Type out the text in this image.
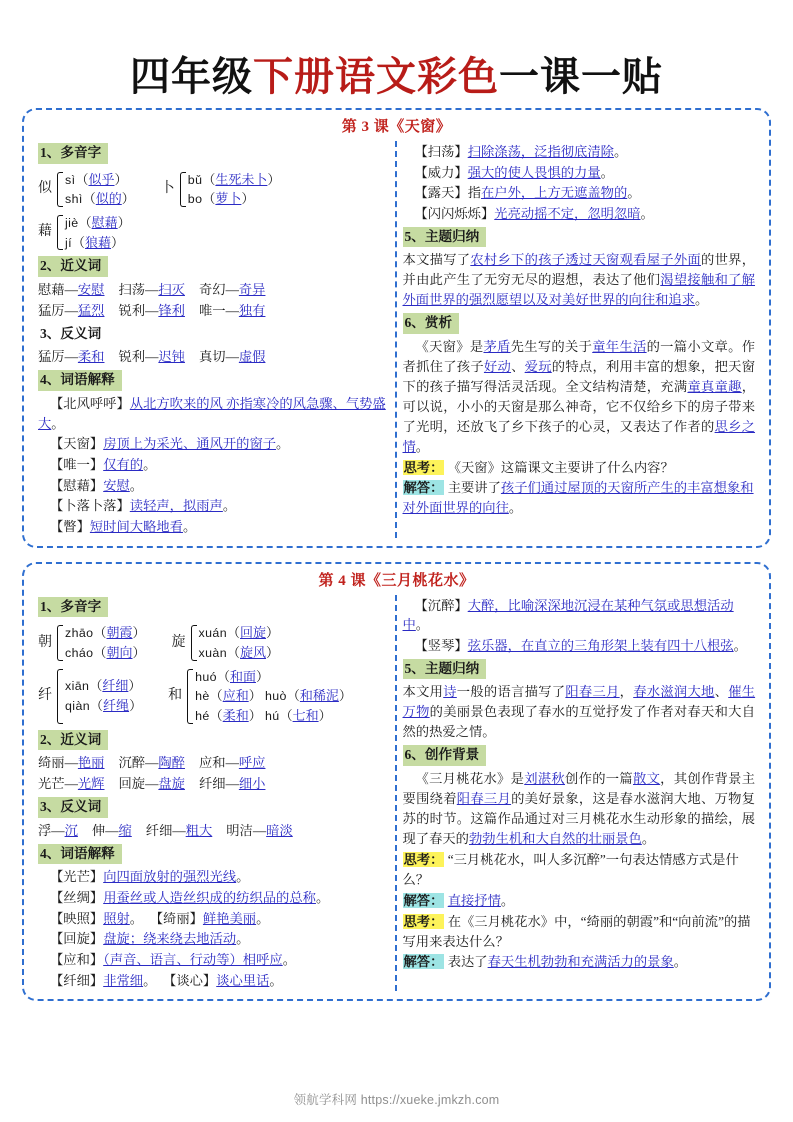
四年级下册语文彩色一课一贴
第 3 课《天窗》
1、多音字
似
sì（似乎）
shì（似的）
卜
bǔ（生死未卜）
bo（萝卜）
藉
jiè（慰藉）
jí（狼藉）
2、近义词
慰藉—安慰 扫荡—扫灭 奇幻—奇异
猛厉—猛烈 锐利—锋利 唯一—独有
3、反义词
猛厉—柔和 锐利—迟钝 真切—虚假
4、词语解释
【北风呼呼】从北方吹来的风 亦指寒冷的风急骤、气势盛大。
【天窗】房顶上为采光、通风开的窗子。
【唯一】仅有的。
【慰藉】安慰。
【卜落卜落】读轻声，拟雨声。
【瞥】短时间大略地看。
【扫荡】扫除涤荡，泛指彻底清除。
【威力】强大的使人畏惧的力量。
【露天】指在户外，上方无遮盖物的。
【闪闪烁烁】光亮动摇不定，忽明忽暗。
5、主题归纳
本文描写了农村乡下的孩子透过天窗观看屋子外面的世界，并由此产生了无穷无尽的遐想，表达了他们渴望接触和了解外面世界的强烈愿望以及对美好世界的向往和追求。
6、赏析
《天窗》是茅盾先生写的关于童年生活的一篇小文章。作者抓住了孩子好动、爱玩的特点，利用丰富的想象，把天窗下的孩子描写得活灵活现。全文结构清楚，充满童真童趣，可以说，小小的天窗是那么神奇，它不仅给乡下的房子带来了光明，还放飞了乡下孩子的心灵，又表达了作者的思乡之情。
思考： 《天窗》这篇课文主要讲了什么内容？
解答： 主要讲了孩子们通过屋顶的天窗所产生的丰富想象和对外面世界的向往。
第 4 课《三月桃花水》
1、多音字
朝
zhāo（朝霞）
cháo（朝向）
旋
xuán（回旋）
xuàn（旋风）
纤
xiān（纤细）
qiàn（纤绳）
和
huó（和面）
hè（应和） huò（和稀泥）
hé（柔和） hú（七和）
2、近义词
绮丽—艳丽 沉醉—陶醉 应和—呼应
光芒—光辉 回旋—盘旋 纤细—细小
3、反义词
浮—沉 伸—缩 纤细—粗大 明洁—暗淡
4、词语解释
【光芒】向四面放射的强烈光线。
【丝绸】用蚕丝或人造丝织成的纺织品的总称。
【映照】照射。 【绮丽】鲜艳美丽。
【回旋】盘旋；绕来绕去地活动。
【应和】（声音、语言、行动等）相呼应。
【纤细】非常细。 【谈心】谈心里话。
【沉醉】大醉，比喻深深地沉浸在某种气氛或思想活动中。
【竖琴】弦乐器，在直立的三角形架上装有四十八根弦。
5、主题归纳
本文用诗一般的语言描写了阳春三月，春水滋润大地、催生万物的美丽景色表现了春水的互觉抒发了作者对春天和大自然的热爱之情。
6、创作背景
《三月桃花水》是刘湛秋创作的一篇散文，其创作背景主要围绕着阳春三月的美好景象，这是春水滋润大地、万物复苏的时节。这篇作品通过对三月桃花水生动形象的描绘，展现了春天的勃勃生机和大自然的壮丽景色。
思考： “三月桃花水，叫人多沉醉”一句表达情感方式是什么？
解答： 直接抒情。
思考： 在《三月桃花水》中，“绮丽的朝霞”和“向前流”的描写用来表达什么？
解答： 表达了春天生机勃勃和充满活力的景象。
领航学科网 https://xueke.jmkzh.com
